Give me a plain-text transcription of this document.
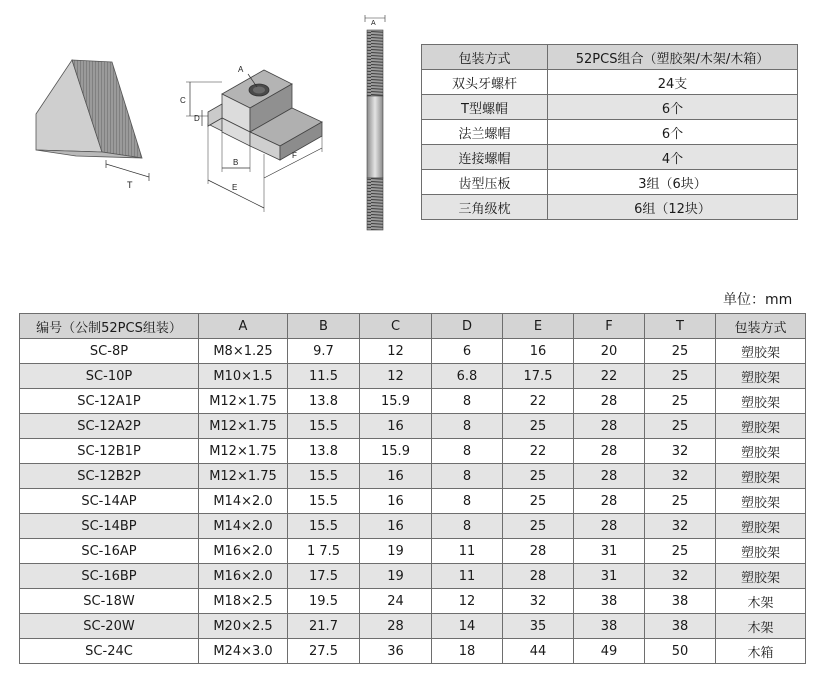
T
A
C
D
B
E
F
A
包装方式	52PCS组合（塑胶架/木架/木箱）
双头牙螺杆	24支
T型螺帽	6个
法兰螺帽	6个
连接螺帽	4个
齿型压板	3组（6块）
三角级枕	6组（12块）
单位：mm
编号（公制52PCS组装）	A	B	C	D	E	F	T	包装方式
SC-8P	M8×1.25	9.7	12	6	16	20	25	塑胶架
SC-10P	M10×1.5	11.5	12	6.8	17.5	22	25	塑胶架
SC-12A1P	M12×1.75	13.8	15.9	8	22	28	25	塑胶架
SC-12A2P	M12×1.75	15.5	16	8	25	28	25	塑胶架
SC-12B1P	M12×1.75	13.8	15.9	8	22	28	32	塑胶架
SC-12B2P	M12×1.75	15.5	16	8	25	28	32	塑胶架
SC-14AP	M14×2.0	15.5	16	8	25	28	25	塑胶架
SC-14BP	M14×2.0	15.5	16	8	25	28	32	塑胶架
SC-16AP	M16×2.0	1 7.5	19	11	28	31	25	塑胶架
SC-16BP	M16×2.0	17.5	19	11	28	31	32	塑胶架
SC-18W	M18×2.5	19.5	24	12	32	38	38	木架
SC-20W	M20×2.5	21.7	28	14	35	38	38	木架
SC-24C	M24×3.0	27.5	36	18	44	49	50	木箱
